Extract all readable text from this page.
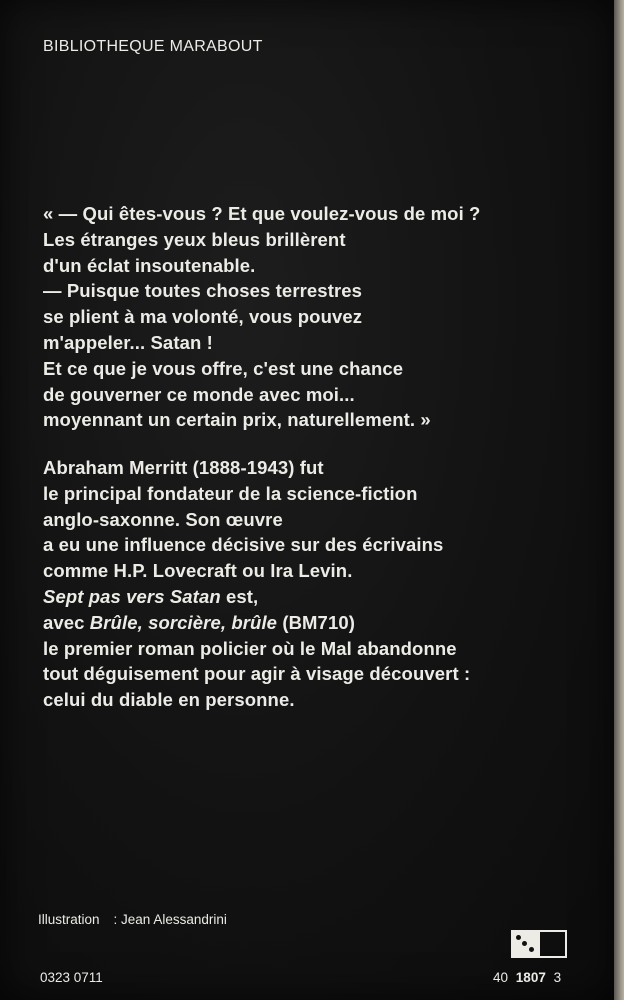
BIBLIOTHEQUE MARABOUT
« — Qui êtes-vous ? Et que voulez-vous de moi ?
Les étranges yeux bleus brillèrent
d'un éclat insoutenable.
— Puisque toutes choses terrestres
se plient à ma volonté, vous pouvez
m'appeler... Satan !
Et ce que je vous offre, c'est une chance
de gouverner ce monde avec moi...
moyennant un certain prix, naturellement. »
Abraham Merritt (1888-1943) fut
le principal fondateur de la science-fiction
anglo-saxonne. Son œuvre
a eu une influence décisive sur des écrivains
comme H.P. Lovecraft ou Ira Levin.
Sept pas vers Satan est,
avec Brûle, sorcière, brûle (BM710)
le premier roman policier où le Mal abandonne
tout déguisement pour agir à visage découvert :
celui du diable en personne.
Illustration : Jean Alessandrini
0323 0711	40 1807 3
